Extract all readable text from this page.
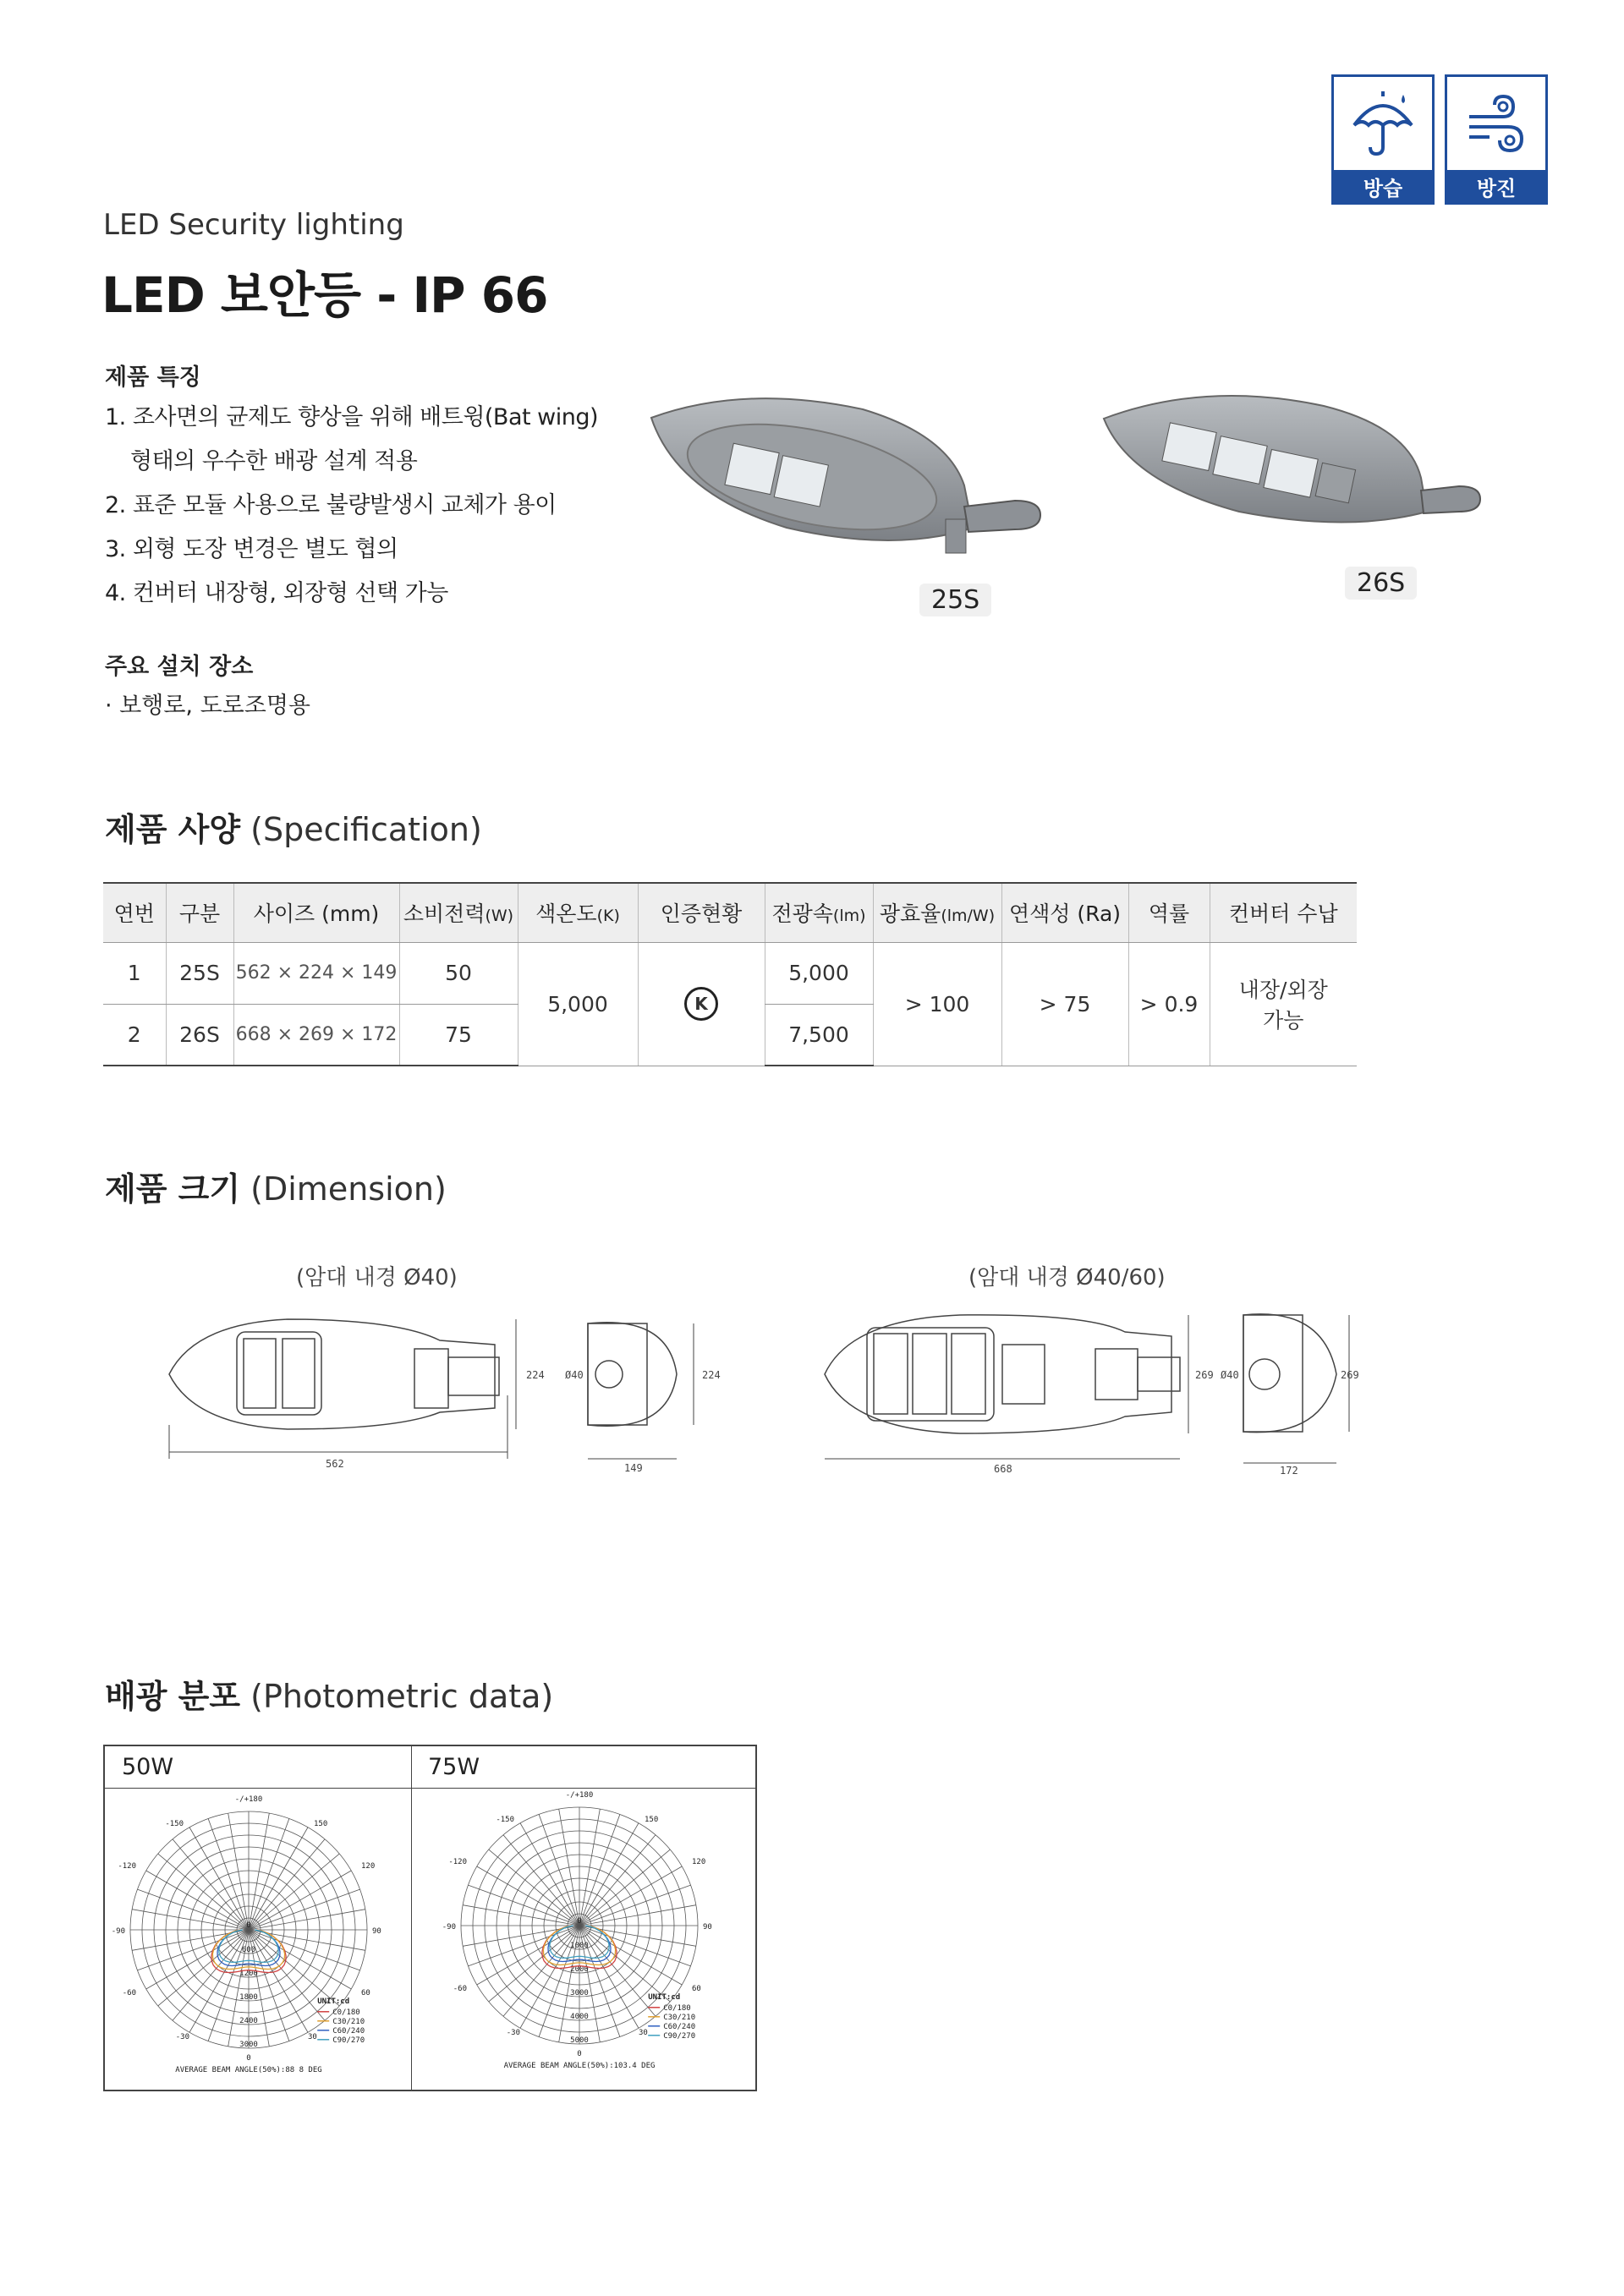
방습	방진
LED Security lighting
LED 보안등 - IP 66
제품 특징
1. 조사면의 균제도 향상을 위해 배트윙(Bat wing)
형태의 우수한 배광 설계 적용
2. 표준 모듈 사용으로 불량발생시 교체가 용이
3. 외형 도장 변경은 별도 협의
4. 컨버터 내장형, 외장형 선택 가능
주요 설치 장소
· 보행로, 도로조명용
25S
26S
제품 사양 (Specification)
연번	구분	사이즈 (mm)	소비전력(W)	색온도(K)	인증현황	전광속(lm)	광효율(lm/W)	연색성 (Ra)	역률	컨버터 수납
1	25S	562 × 224 × 149	50	5,000	K	5,000	> 100	> 75	> 0.9	내장/외장
가능

2	26S	668 × 269 × 172	75			7,500				
제품 크기 (Dimension)
(암대 내경 Ø40)	(암대 내경 Ø40/60)
562
224
149
Ø40	224
668
269
172
Ø40	269
배광 분포 (Photometric data)
50W	75W
-/+180
-150	150
-120	120
-90	90
-60	60
-30	30
0
600
1200
1800
2400
3000
0
UNIT:cd
C0/180
C30/210
C60/240
C90/270
AVERAGE BEAM ANGLE(50%):88 8 DEG
-/+180
-150	150
-120	120
-90	90
-60	60
-30	30
0
1000
2000
3000
4000
5000
0
UNIT:cd
C0/180
C30/210
C60/240
C90/270
AVERAGE BEAM ANGLE(50%):103.4 DEG
